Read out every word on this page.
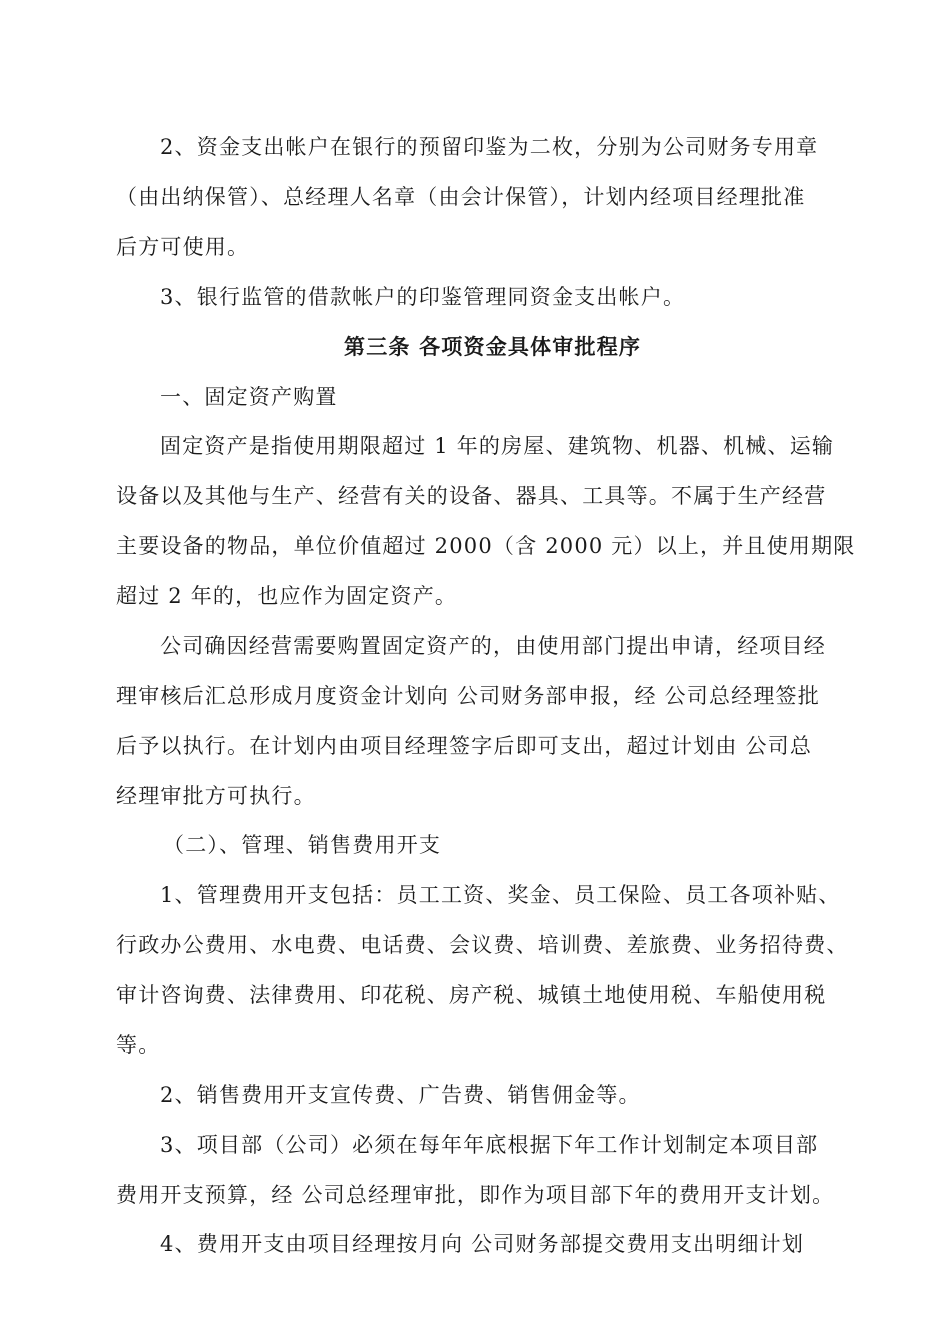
2、资金支出帐户在银行的预留印鉴为二枚，分别为公司财务专用章
（由出纳保管）、总经理人名章（由会计保管），计划内经项目经理批准
后方可使用。
3、银行监管的借款帐户的印鉴管理同资金支出帐户。
第三条 各项资金具体审批程序
一、固定资产购置
固定资产是指使用期限超过 1 年的房屋、建筑物、机器、机械、运输
设备以及其他与生产、经营有关的设备、器具、工具等。不属于生产经营
主要设备的物品，单位价值超过 2000（含 2000 元）以上，并且使用期限
超过 2 年的，也应作为固定资产。
公司确因经营需要购置固定资产的，由使用部门提出申请，经项目经
理审核后汇总形成月度资金计划向 公司财务部申报，经 公司总经理签批
后予以执行。在计划内由项目经理签字后即可支出，超过计划由 公司总
经理审批方可执行。
（二）、管理、销售费用开支
1、管理费用开支包括：员工工资、奖金、员工保险、员工各项补贴、
行政办公费用、水电费、电话费、会议费、培训费、差旅费、业务招待费、
审计咨询费、法律费用、印花税、房产税、城镇土地使用税、车船使用税
等。
2、销售费用开支宣传费、广告费、销售佣金等。
3、项目部（公司）必须在每年年底根据下年工作计划制定本项目部
费用开支预算，经 公司总经理审批，即作为项目部下年的费用开支计划。
4、费用开支由项目经理按月向 公司财务部提交费用支出明细计划
